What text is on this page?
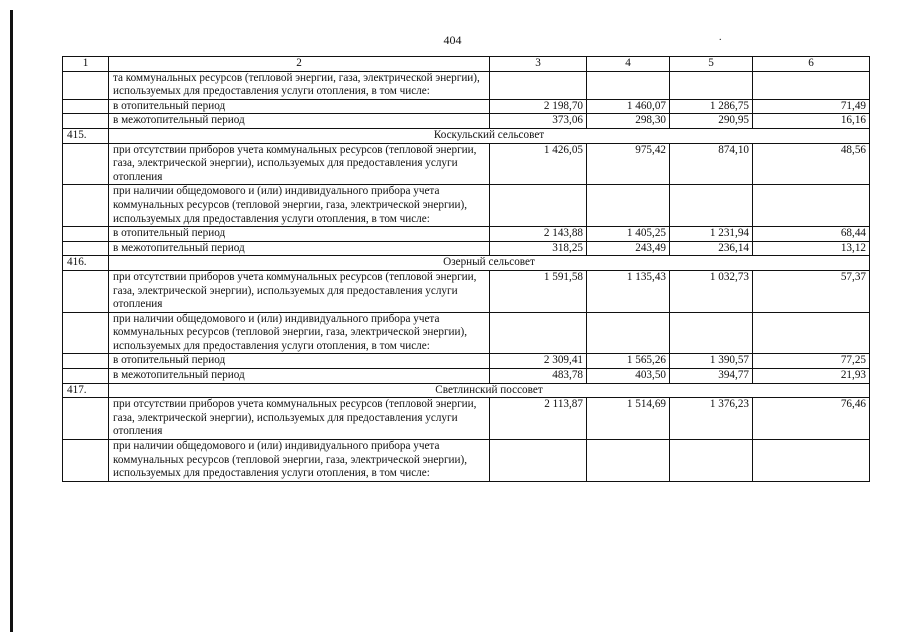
404	.
1	2	3	4	5	6
	та коммунальных ресурсов (тепловой энергии, газа, электрической энергии), используемых для предоставления услуги отопления, в том числе:				
	в отопительный период	2 198,70	1 460,07	1 286,75	71,49
	в межотопительный период	373,06	298,30	290,95	16,16
415.	Коскульский сельсовет				
	при отсутствии приборов учета коммунальных ресурсов (тепловой энергии, газа, электрической энергии), используемых для предоставления услуги отопления	1 426,05	975,42	874,10	48,56
	при наличии общедомового и (или) индивидуального прибора учета коммунальных ресурсов (тепловой энергии, газа, электрической энергии), используемых для предоставления услуги отопления, в том числе:				
	в отопительный период	2 143,88	1 405,25	1 231,94	68,44
	в межотопительный период	318,25	243,49	236,14	13,12
416.	Озерный сельсовет				
	при отсутствии приборов учета коммунальных ресурсов (тепловой энергии, газа, электрической энергии), используемых для предоставления услуги отопления	1 591,58	1 135,43	1 032,73	57,37
	при наличии общедомового и (или) индивидуального прибора учета коммунальных ресурсов (тепловой энергии, газа, электрической энергии), используемых для предоставления услуги отопления, в том числе:				
	в отопительный период	2 309,41	1 565,26	1 390,57	77,25
	в межотопительный период	483,78	403,50	394,77	21,93
417.	Светлинский поссовет				
	при отсутствии приборов учета коммунальных ресурсов (тепловой энергии, газа, электрической энергии), используемых для предоставления услуги отопления	2 113,87	1 514,69	1 376,23	76,46
	при наличии общедомового и (или) индивидуального прибора учета коммунальных ресурсов (тепловой энергии, газа, электрической энергии), используемых для предоставления услуги отопления, в том числе:				
